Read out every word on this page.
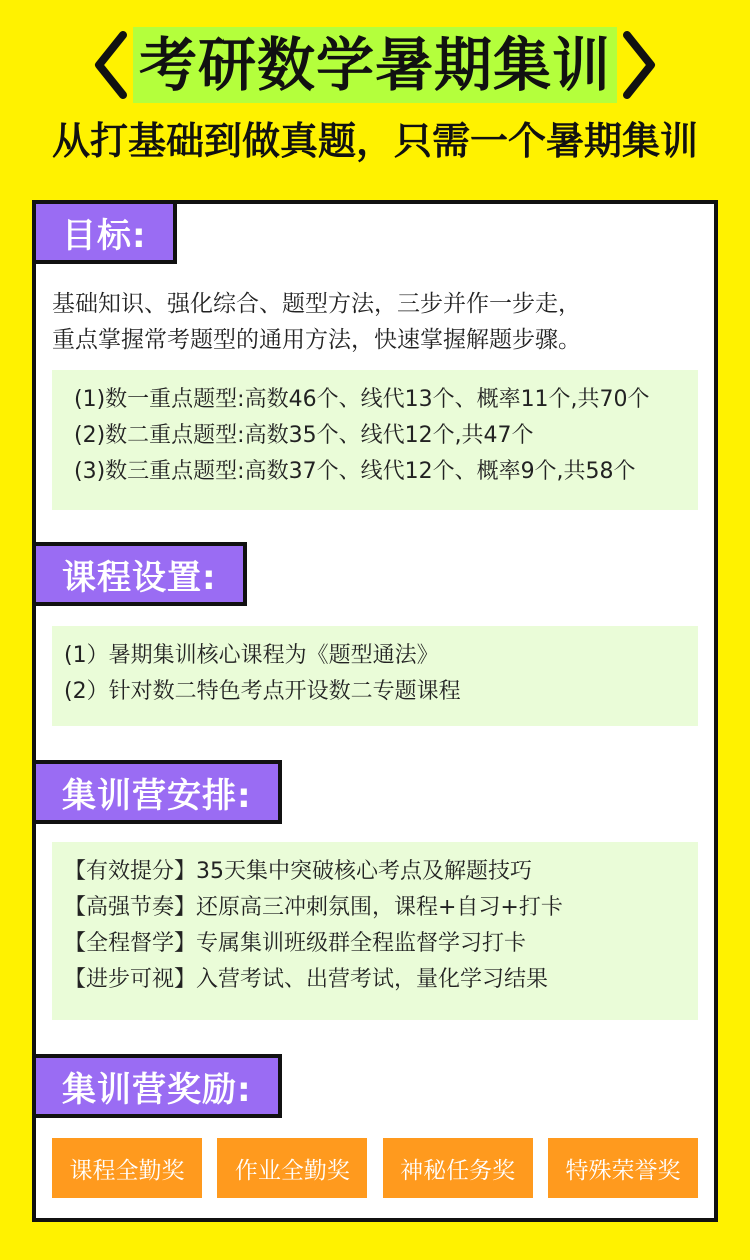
考研数学暑期集训
从打基础到做真题，只需一个暑期集训
目标:
基础知识、强化综合、题型方法，三步并作一步走，
重点掌握常考题型的通用方法，快速掌握解题步骤。
(1)数一重点题型:高数46个、线代13个、概率11个,共70个
(2)数二重点题型:高数35个、线代12个,共47个
(3)数三重点题型:高数37个、线代12个、概率9个,共58个
课程设置:
(1）暑期集训核心课程为《题型通法》
(2）针对数二特色考点开设数二专题课程
集训营安排:
【有效提分】35天集中突破核心考点及解题技巧
【高强节奏】还原高三冲刺氛围，课程+自习+打卡
【全程督学】专属集训班级群全程监督学习打卡
【进步可视】入营考试、出营考试，量化学习结果
集训营奖励:
课程全勤奖	作业全勤奖	神秘任务奖	特殊荣誉奖
